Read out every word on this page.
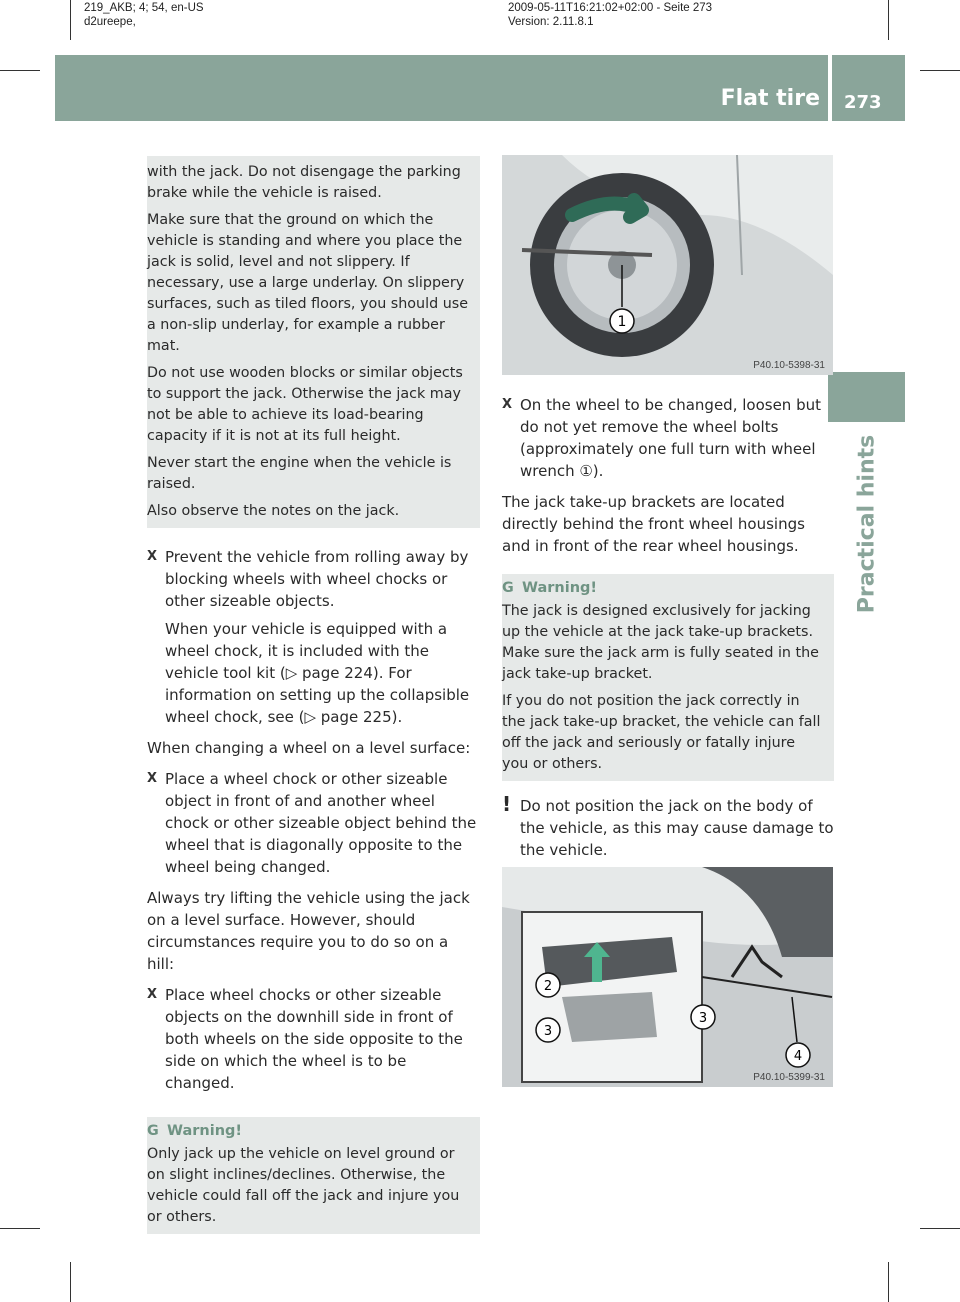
219_AKB; 4; 54, en-US
d2ureepe,
2009-05-11T16:21:02+02:00 - Seite 273
Version: 2.11.8.1
Flat tire 273
Practical hints

with the jack. Do not disengage the parking brake while the vehicle is raised.

Make sure that the ground on which the vehicle is standing and where you place the jack is solid, level and not slippery. If necessary, use a large underlay. On slippery surfaces, such as tiled floors, you should use a non-slip underlay, for example a rubber mat.

Do not use wooden blocks or similar objects to support the jack. Otherwise the jack may not be able to achieve its load-bearing capacity if it is not at its full height.

Never start the engine when the vehicle is raised.

Also observe the notes on the jack.

X Prevent the vehicle from rolling away by blocking wheels with wheel chocks or other sizeable objects.

When your vehicle is equipped with a wheel chock, it is included with the vehicle tool kit (▷ page 224). For information on setting up the collapsible wheel chock, see (▷ page 225).

When changing a wheel on a level surface:

X Place a wheel chock or other sizeable object in front of and another wheel chock or other sizeable object behind the wheel that is diagonally opposite to the wheel being changed.

Always try lifting the vehicle using the jack on a level surface. However, should circumstances require you to do so on a hill:

X Place wheel chocks or other sizeable objects on the downhill side in front of both wheels on the side opposite to the side on which the wheel is to be changed.

G Warning!

Only jack up the vehicle on level ground or on slight inclines/declines. Otherwise, the vehicle could fall off the jack and injure you or others.

1
P40.10-5398-31
X On the wheel to be changed, loosen but do not yet remove the wheel bolts (approximately one full turn with wheel wrench ①).

The jack take-up brackets are located directly behind the front wheel housings and in front of the rear wheel housings.

G Warning!

The jack is designed exclusively for jacking up the vehicle at the jack take-up brackets. Make sure the jack arm is fully seated in the jack take-up bracket.

If you do not position the jack correctly in the jack take-up bracket, the vehicle can fall off the jack and seriously or fatally injure you or others.

! Do not position the jack on the body of the vehicle, as this may cause damage to the vehicle.

2
3
3
4
P40.10-5399-31
